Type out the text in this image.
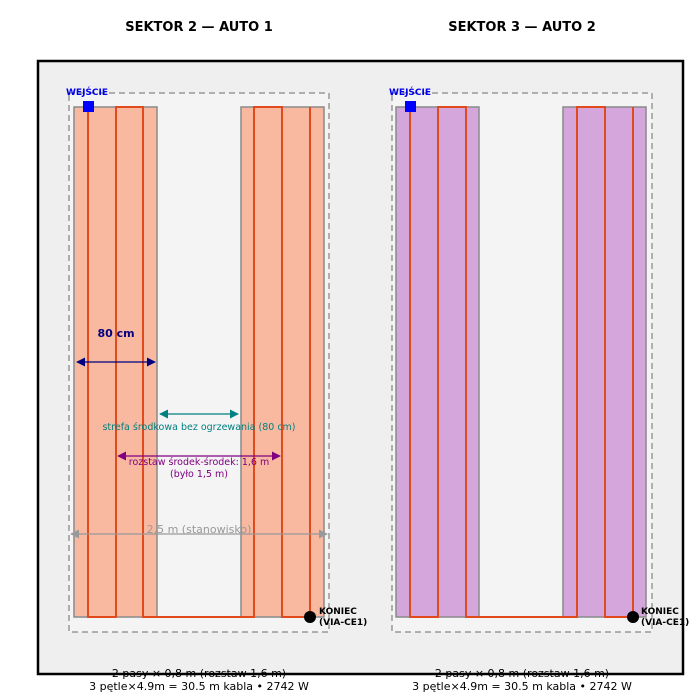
SEKTOR 2 — AUTO 1	SEKTOR 3 — AUTO 2
WEJŚCIE
KONIEC
(VIA-CE1)
80 cm
strefa środkowa bez ogrzewania (80 cm)
rozstaw środek-środek: 1,6 m
(było 1,5 m)
2,5 m (stanowisko)
WEJŚCIE
KONIEC
(VIA-CE1)
2 pasy × 0,8 m (rozstaw 1,6 m)
3 pętle×4.9m = 30.5 m kabla • 2742 W
2 pasy × 0,8 m (rozstaw 1,6 m)
3 pętle×4.9m = 30.5 m kabla • 2742 W
